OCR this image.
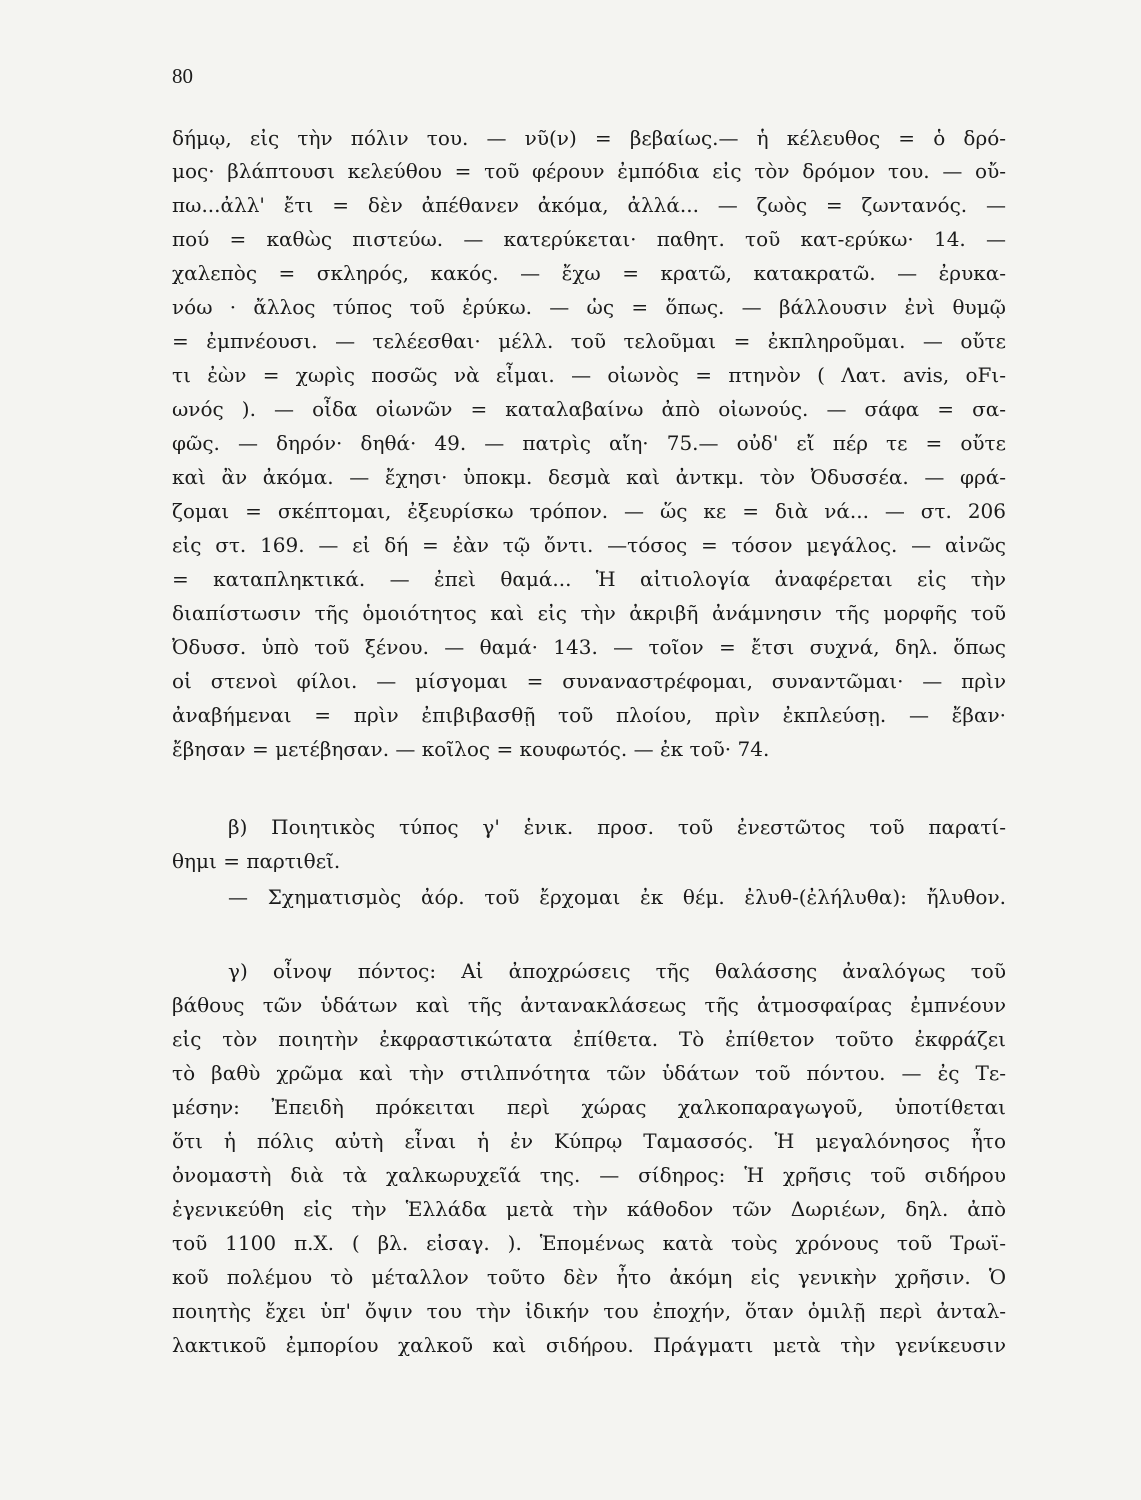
80
δήμῳ, εἰς τὴν πόλιν του. — νῦ(ν) = βεβαίως.— ἡ κέλευθος = ὁ δρό-
μος· βλάπτουσι κελεύθου = τοῦ φέρουν ἐμπόδια εἰς τὸν δρόμον του. — οὔ-
πω...ἀλλ' ἔτι = δὲν ἀπέθανεν ἀκόμα, ἀλλά... — ζωὸς = ζωντανός. —
πού = καθὼς πιστεύω. — κατερύκεται· παθητ. τοῦ κατ-ερύκω· 14. —
χαλεπὸς = σκληρός, κακός. — ἔχω = κρατῶ, κατακρατῶ. — ἐρυκα-
νόω · ἄλλος τύπος τοῦ ἐρύκω. — ὡς = ὅπως. — βάλλουσιν ἐνὶ θυμῷ
= ἐμπνέουσι. — τελέεσθαι· μέλλ. τοῦ τελοῦμαι = ἐκπληροῦμαι. — οὔτε
τι ἐὼν = χωρὶς ποσῶς νὰ εἶμαι. — οἰωνὸς = πτηνὸν ( Λατ. avis, oFι-
ωνός ). — οἶδα οἰωνῶν = καταλαβαίνω ἀπὸ οἰωνούς. — σάφα = σα-
φῶς. — δηρόν· δηθά· 49. — πατρὶς αἴη· 75.— οὐδ' εἴ πέρ τε = οὔτε
καὶ ἂν ἀκόμα. — ἔχησι· ὑποκμ. δεσμὰ καὶ ἀντκμ. τὸν Ὀδυσσέα. — φρά-
ζομαι = σκέπτομαι, ἐξευρίσκω τρόπον. — ὥς κε = διὰ νά... — στ. 206
εἰς στ. 169. — εἰ δή = ἐὰν τῷ ὄντι. —τόσος = τόσον μεγάλος. — αἰνῶς
= καταπληκτικά. — ἐπεὶ θαμά... Ἡ αἰτιολογία ἀναφέρεται εἰς τὴν
διαπίστωσιν τῆς ὁμοιότητος καὶ εἰς τὴν ἀκριβῆ ἀνάμνησιν τῆς μορφῆς τοῦ
Ὀδυσσ. ὑπὸ τοῦ ξένου. — θαμά· 143. — τοῖον = ἔτσι συχνά, δηλ. ὅπως
οἱ στενοὶ φίλοι. — μίσγομαι = συναναστρέφομαι, συναντῶμαι· — πρὶν
ἀναβήμεναι = πρὶν ἐπιβιβασθῇ τοῦ πλοίου, πρὶν ἐκπλεύσῃ. — ἔβαν·
ἔβησαν = μετέβησαν. — κοῖλος = κουφωτός. — ἐκ τοῦ· 74.
β) Ποιητικὸς τύπος γ' ἑνικ. προσ. τοῦ ἐνεστῶτος τοῦ παρατί-
θημι = παρτιθεῖ.
— Σχηματισμὸς ἀόρ. τοῦ ἔρχομαι ἐκ θέμ. ἐλυθ-(ἐλήλυθα): ἤλυθον.
γ) οἶνοψ πόντος: Αἱ ἀποχρώσεις τῆς θαλάσσης ἀναλόγως τοῦ
βάθους τῶν ὑδάτων καὶ τῆς ἀντανακλάσεως τῆς ἀτμοσφαίρας ἐμπνέουν
εἰς τὸν ποιητὴν ἐκφραστικώτατα ἐπίθετα. Τὸ ἐπίθετον τοῦτο ἐκφράζει
τὸ βαθὺ χρῶμα καὶ τὴν στιλπνότητα τῶν ὑδάτων τοῦ πόντου. — ἐς Τε-
μέσην: Ἐπειδὴ πρόκειται περὶ χώρας χαλκοπαραγωγοῦ, ὑποτίθεται
ὅτι ἡ πόλις αὐτὴ εἶναι ἡ ἐν Κύπρῳ Ταμασσός. Ἡ μεγαλόνησος ἦτο
ὀνομαστὴ διὰ τὰ χαλκωρυχεῖά της. — σίδηρος: Ἡ χρῆσις τοῦ σιδήρου
ἐγενικεύθη εἰς τὴν Ἑλλάδα μετὰ τὴν κάθοδον τῶν Δωριέων, δηλ. ἀπὸ
τοῦ 1100 π.Χ. ( βλ. εἰσαγ. ). Ἑπομένως κατὰ τοὺς χρόνους τοῦ Τρωϊ-
κοῦ πολέμου τὸ μέταλλον τοῦτο δὲν ἦτο ἀκόμη εἰς γενικὴν χρῆσιν. Ὁ
ποιητὴς ἔχει ὑπ' ὄψιν του τὴν ἰδικήν του ἐποχήν, ὅταν ὁμιλῇ περὶ ἀνταλ-
λακτικοῦ ἐμπορίου χαλκοῦ καὶ σιδήρου. Πράγματι μετὰ τὴν γενίκευσιν
